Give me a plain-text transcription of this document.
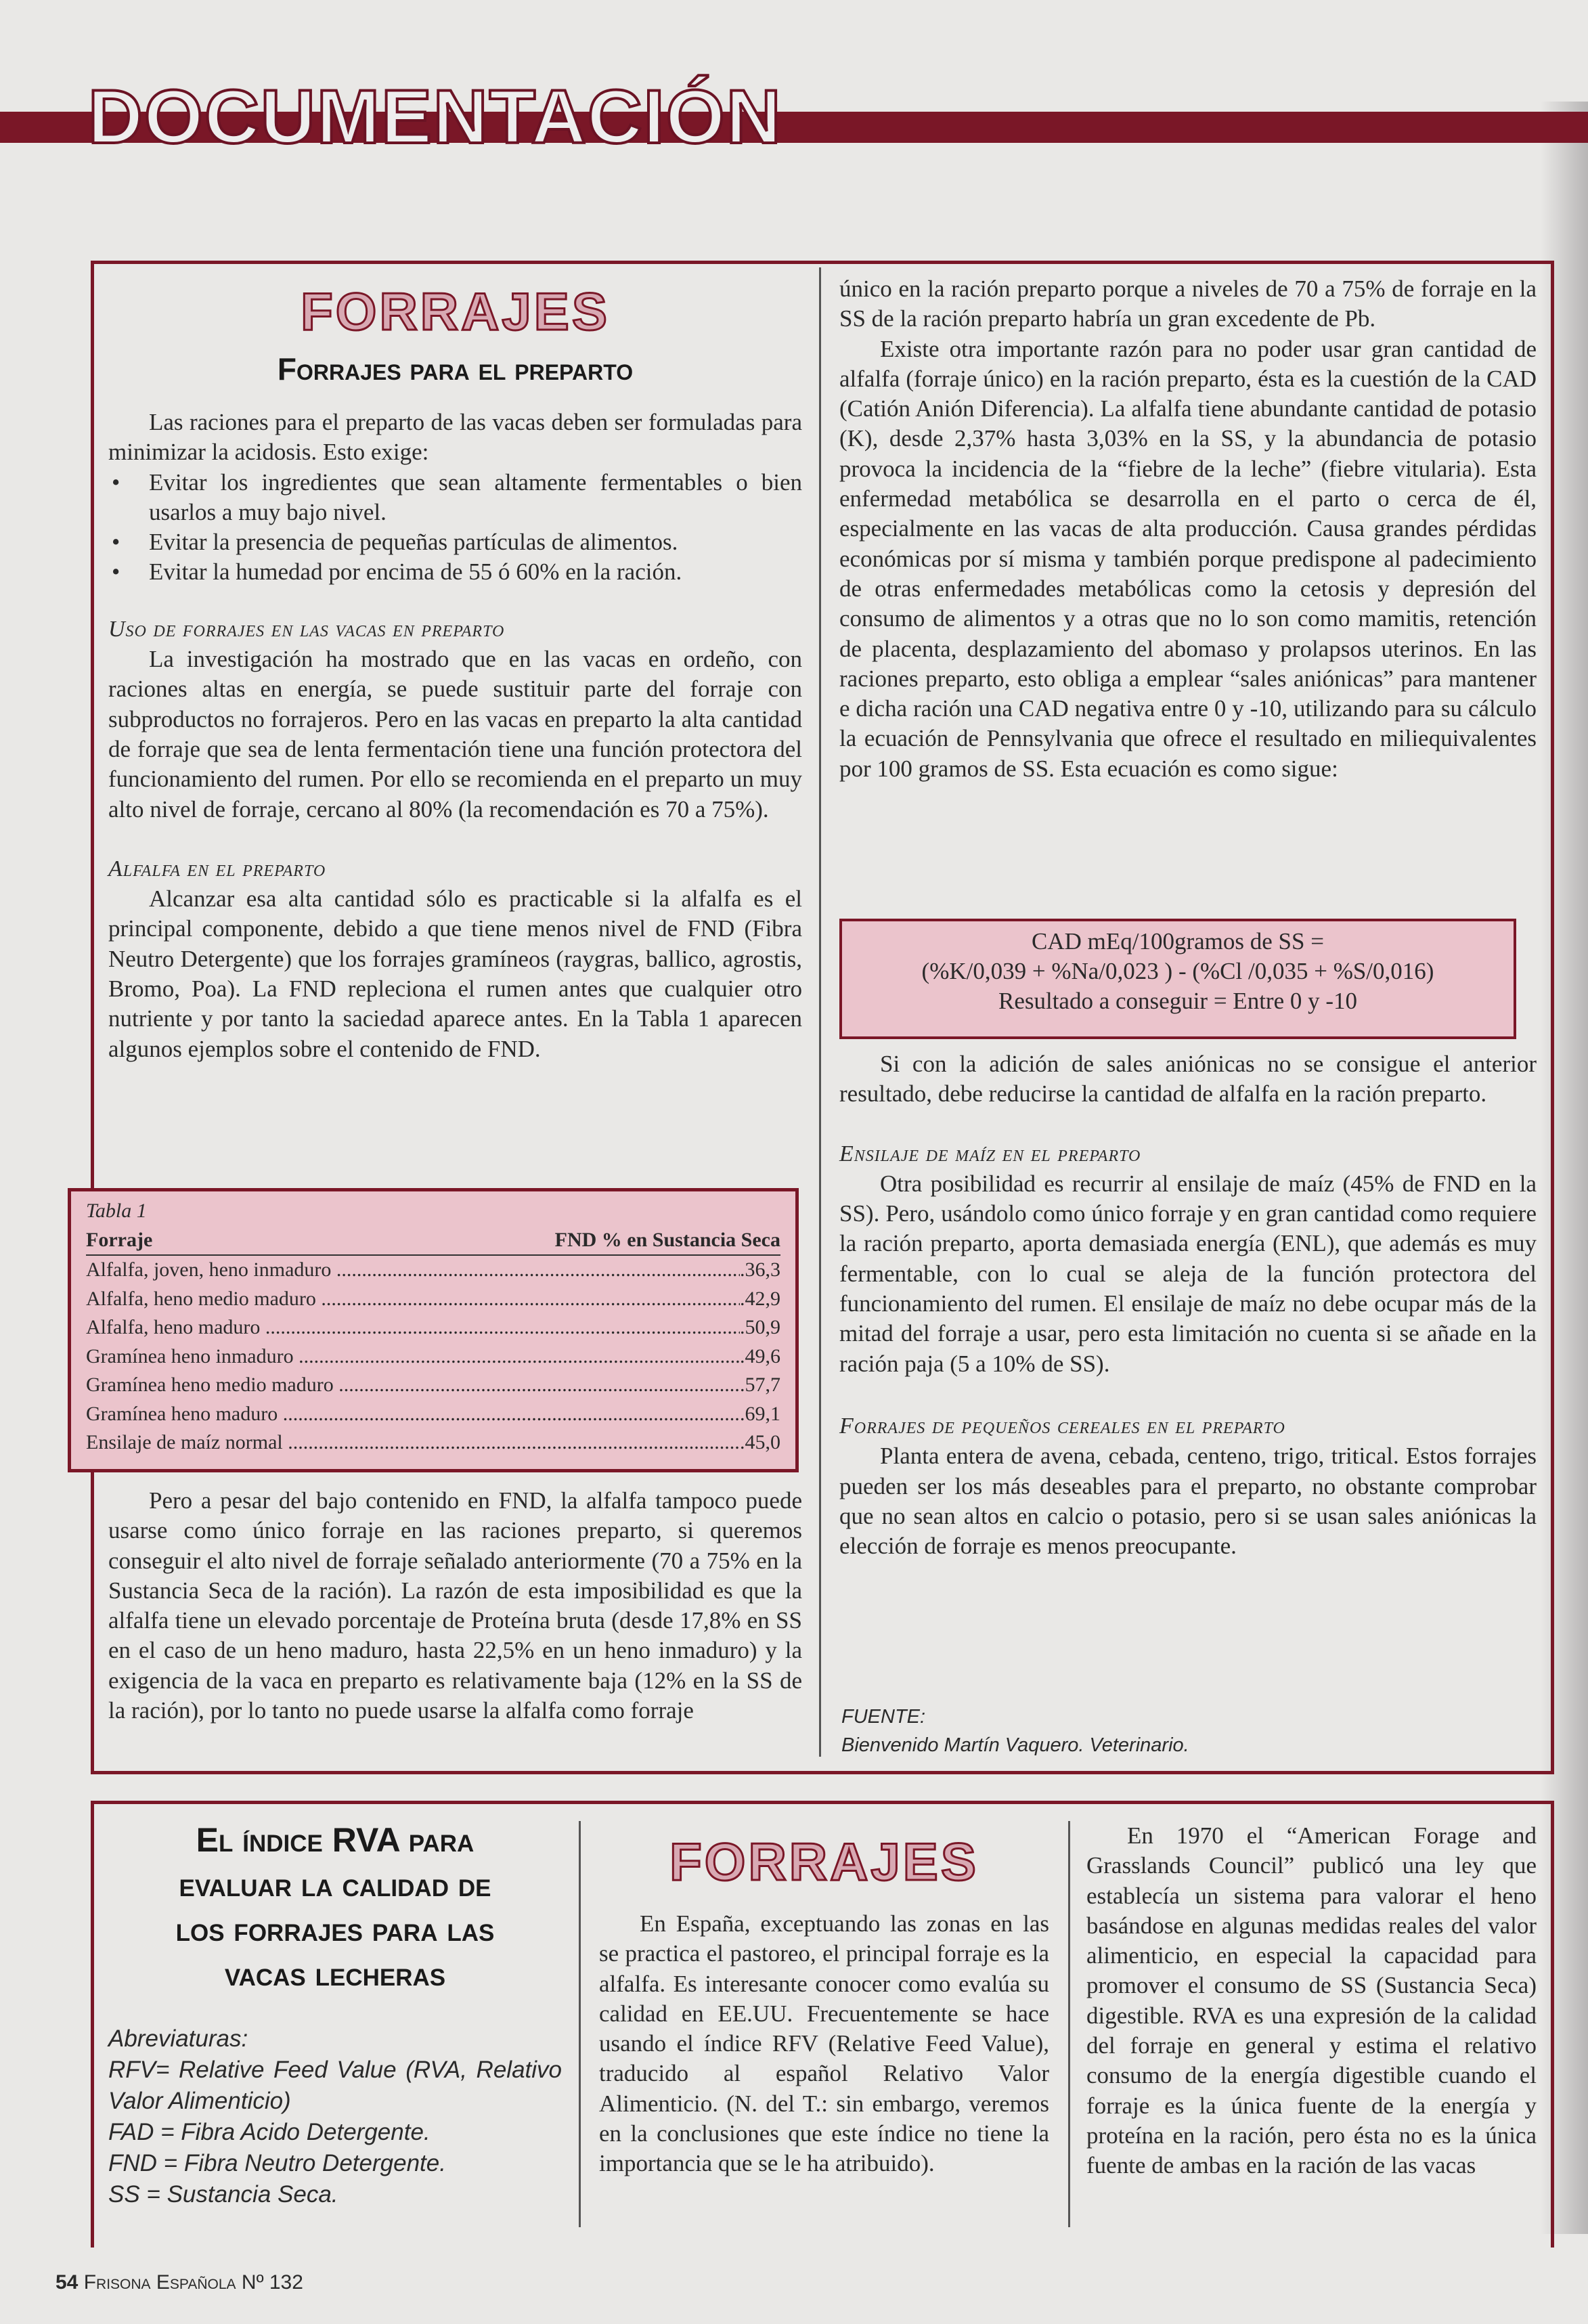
DOCUMENTACIÓN
FORRAJES
Forrajes para el preparto

Las raciones para el preparto de las vacas deben ser formuladas para minimizar la acidosis. Esto exige:

• Evitar los ingredientes que sean altamente fermentables o bien usarlos a muy bajo nivel.
• Evitar la presencia de pequeñas partículas de alimentos.
• Evitar la humedad por encima de 55 ó 60% en la ración.

Uso de forrajes en las vacas en preparto

La investigación ha mostrado que en las vacas en ordeño, con raciones altas en energía, se puede sustituir parte del forraje con subproductos no forrajeros. Pero en las vacas en preparto la alta cantidad de forraje que sea de lenta fermentación tiene una función protectora del funcionamiento del rumen. Por ello se recomienda en el preparto un muy alto nivel de forraje, cercano al 80% (la recomendación es 70 a 75%).

Alfalfa en el preparto

Alcanzar esa alta cantidad sólo es practicable si la alfalfa es el principal componente, debido a que tiene menos nivel de FND (Fibra Neutro Detergente) que los forrajes gramíneos (raygras, ballico, agrostis, Bromo, Poa). La FND repleciona el rumen antes que cualquier otro nutriente y por tanto la saciedad aparece antes. En la Tabla 1 aparecen algunos ejemplos sobre el contenido de FND.

Tabla 1
Forraje	FND % en Sustancia Seca
Alfalfa, joven, heno inmaduro .....	.36,3
Alfalfa, heno medio maduro .....	.42,9
Alfalfa, heno maduro .....	.50,9
Gramínea heno inmaduro .....	.49,6
Gramínea heno medio maduro .....	.57,7
Gramínea heno maduro .....	.69,1
Ensilaje de maíz normal .....	.45,0

Pero a pesar del bajo contenido en FND, la alfalfa tampoco puede usarse como único forraje en las raciones preparto, si queremos conseguir el alto nivel de forraje señalado anteriormente (70 a 75% en la Sustancia Seca de la ración). La razón de esta imposibilidad es que la alfalfa tiene un elevado porcentaje de Proteína bruta (desde 17,8% en SS en el caso de un heno maduro, hasta 22,5% en un heno inmaduro) y la exigencia de la vaca en preparto es relativamente baja (12% en la SS de la ración), por lo tanto no puede usarse la alfalfa como forraje

único en la ración preparto porque a niveles de 70 a 75% de forraje en la SS de la ración preparto habría un gran excedente de Pb.

Existe otra importante razón para no poder usar gran cantidad de alfalfa (forraje único) en la ración preparto, ésta es la cuestión de la CAD (Catión Anión Diferencia). La alfalfa tiene abundante cantidad de potasio (K), desde 2,37% hasta 3,03% en la SS, y la abundancia de potasio provoca la incidencia de la “fiebre de la leche” (fiebre vitularia). Esta enfermedad metabólica se desarrolla en el parto o cerca de él, especialmente en las vacas de alta producción. Causa grandes pérdidas económicas por sí misma y también porque predispone al padecimiento de otras enfermedades metabólicas como la cetosis y depresión del consumo de alimentos y a otras que no lo son como mamitis, retención de placenta, desplazamiento del abomaso y prolapsos uterinos. En las raciones preparto, esto obliga a emplear “sales aniónicas” para mantener e dicha ración una CAD negativa entre 0 y -10, utilizando para su cálculo la ecuación de Pennsylvania que ofrece el resultado en miliequivalentes por 100 gramos de SS. Esta ecuación es como sigue:

CAD mEq/100gramos de SS =
(%K/0,039 + %Na/0,023 ) - (%Cl /0,035 + %S/0,016)
Resultado a conseguir = Entre 0 y -10

Si con la adición de sales aniónicas no se consigue el anterior resultado, debe reducirse la cantidad de alfalfa en la ración preparto.

Ensilaje de maíz en el preparto

Otra posibilidad es recurrir al ensilaje de maíz (45% de FND en la SS). Pero, usándolo como único forraje y en gran cantidad como requiere la ración preparto, aporta demasiada energía (ENL), que además es muy fermentable, con lo cual se aleja de la función protectora del funcionamiento del rumen. El ensilaje de maíz no debe ocupar más de la mitad del forraje a usar, pero esta limitación no cuenta si se añade en la ración paja (5 a 10% de SS).

Forrajes de pequeños cereales en el preparto

Planta entera de avena, cebada, centeno, trigo, tritical. Estos forrajes pueden ser los más deseables para el preparto, no obstante comprobar que no sean altos en calcio o potasio, pero si se usan sales aniónicas la elección de forraje es menos preocupante.

FUENTE:
Bienvenido Martín Vaquero. Veterinario.
El índice RVA para
evaluar la calidad de
los forrajes para las
vacas lecheras
Abreviaturas:
RFV= Relative Feed Value (RVA, Relativo Valor Alimenticio)
FAD = Fibra Acido Detergente.
FND = Fibra Neutro Detergente.
SS = Sustancia Seca.
FORRAJES

En España, exceptuando las zonas en las se practica el pastoreo, el principal forraje es la alfalfa. Es interesante conocer como evalúa su calidad en EE.UU. Frecuentemente se hace usando el índice RFV (Relative Feed Value), traducido al español Relativo Valor Alimenticio. (N. del T.: sin embargo, veremos en la conclusiones que este índice no tiene la importancia que se le ha atribuido).

En 1970 el “American Forage and Grasslands Council” publicó una ley que establecía un sistema para valorar el heno basándose en algunas medidas reales del valor alimenticio, en especial la capacidad para promover el consumo de SS (Sustancia Seca) digestible. RVA es una expresión de la calidad del forraje en general y estima el relativo consumo de la energía digestible cuando el forraje es la única fuente de la energía y proteína en la ración, pero ésta no es la única fuente de ambas en la ración de las vacas

54 Frisona Española Nº 132
